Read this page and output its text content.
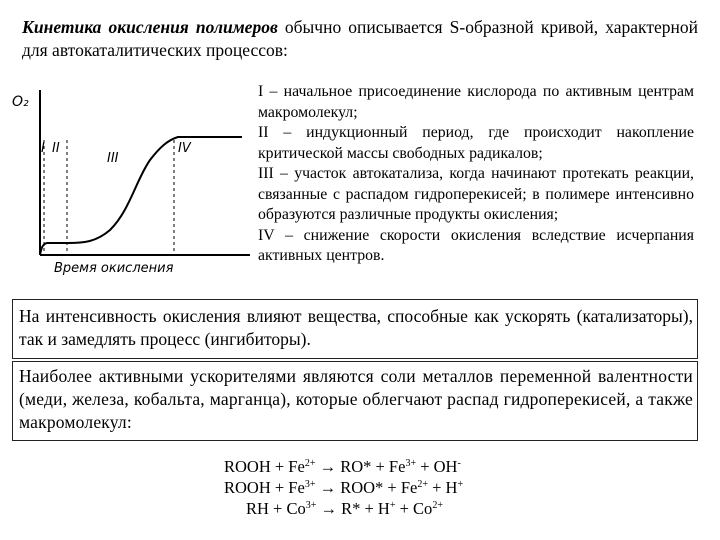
Кинетика окисления полимеров обычно описывается S-образной кривой, характерной для автокаталитических процессов:
O₂
I II
III
IV
Время окисления

I – начальное присоединение кислорода по активным центрам макромолекул;

II – индукционный период, где происходит накопление критической массы свободных радикалов;

III – участок автокатализа, когда начинают протекать реакции, связанные с распадом гидроперекисей; в полимере интенсивно образуются различные продукты окисления;

IV – снижение скорости окисления вследствие исчерпания активных центров.

На интенсивность окисления влияют вещества, способные как ускорять (катализаторы), так и замедлять процесс (ингибиторы).

Наиболее активными ускорителями являются соли металлов переменной валентности (меди, железа, кобальта, марганца), которые облегчают распад гидроперекисей, а также макромолекул:

ROOH + $Fe^{2+} \to RO* + Fe^{3+} + OH^-$
ROOH + $Fe^{3+} \to ROO* + Fe^{2+} + H^+$
RH + $Co^{3+} \to R* + H^+ + Co^{2+}$
